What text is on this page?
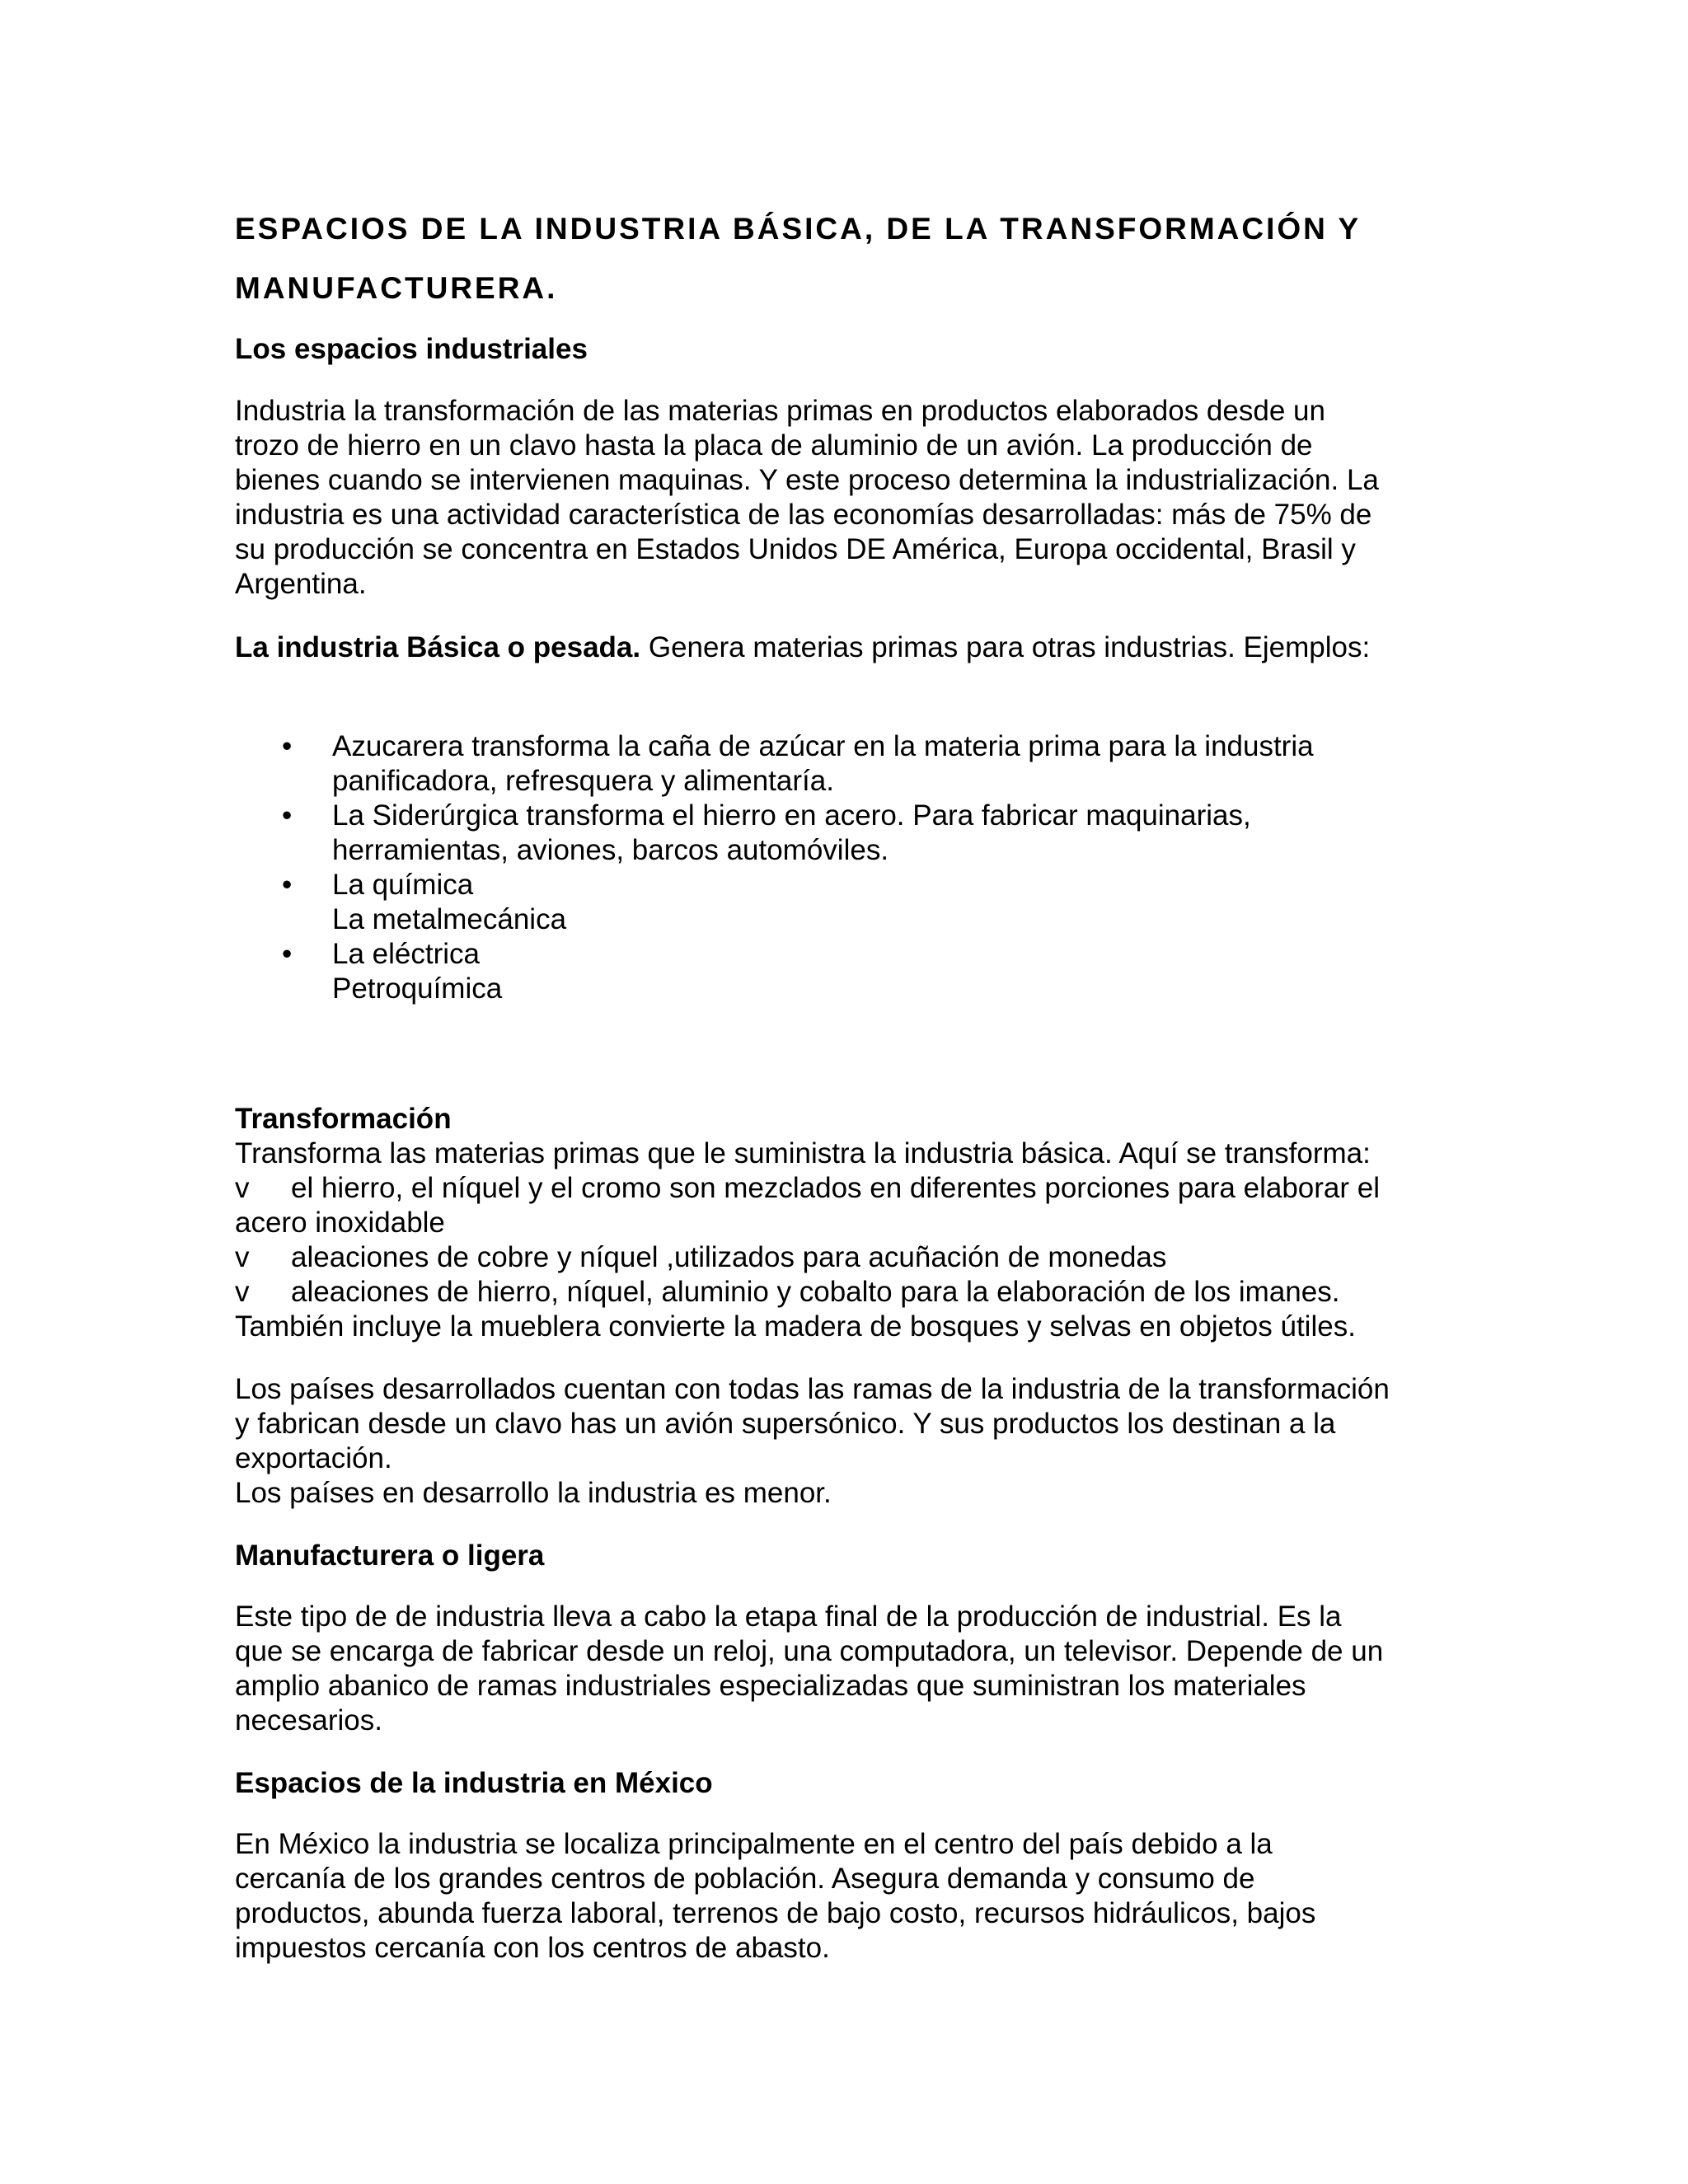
ESPACIOS DE LA INDUSTRIA BÁSICA, DE LA TRANSFORMACIÓN Y
MANUFACTURERA.
Los espacios industriales
Industria la transformación de las materias primas en productos elaborados desde un
trozo de hierro en un clavo hasta la placa de aluminio de un avión. La producción de
bienes cuando se intervienen maquinas. Y este proceso determina la industrialización. La
industria es una actividad característica de las economías desarrolladas: más de 75% de
su producción se concentra en Estados Unidos DE América, Europa occidental, Brasil y
Argentina.
La industria Básica o pesada. Genera materias primas para otras industrias. Ejemplos:
• Azucarera transforma la caña de azúcar en la materia prima para la industria
panificadora, refresquera y alimentaría.
• La Siderúrgica transforma el hierro en acero. Para fabricar maquinarias,
herramientas, aviones, barcos automóviles.
• La química
La metalmecánica
• La eléctrica
Petroquímica
Transformación
Transforma las materias primas que le suministra la industria básica. Aquí se transforma:
v el hierro, el níquel y el cromo son mezclados en diferentes porciones para elaborar el
acero inoxidable
v aleaciones de cobre y níquel ,utilizados para acuñación de monedas
v aleaciones de hierro, níquel, aluminio y cobalto para la elaboración de los imanes.
También incluye la mueblera convierte la madera de bosques y selvas en objetos útiles.
Los países desarrollados cuentan con todas las ramas de la industria de la transformación
y fabrican desde un clavo has un avión supersónico. Y sus productos los destinan a la
exportación.
Los países en desarrollo la industria es menor.
Manufacturera o ligera
Este tipo de de industria lleva a cabo la etapa final de la producción de industrial. Es la
que se encarga de fabricar desde un reloj, una computadora, un televisor. Depende de un
amplio abanico de ramas industriales especializadas que suministran los materiales
necesarios.
Espacios de la industria en México
En México la industria se localiza principalmente en el centro del país debido a la
cercanía de los grandes centros de población. Asegura demanda y consumo de
productos, abunda fuerza laboral, terrenos de bajo costo, recursos hidráulicos, bajos
impuestos cercanía con los centros de abasto.
